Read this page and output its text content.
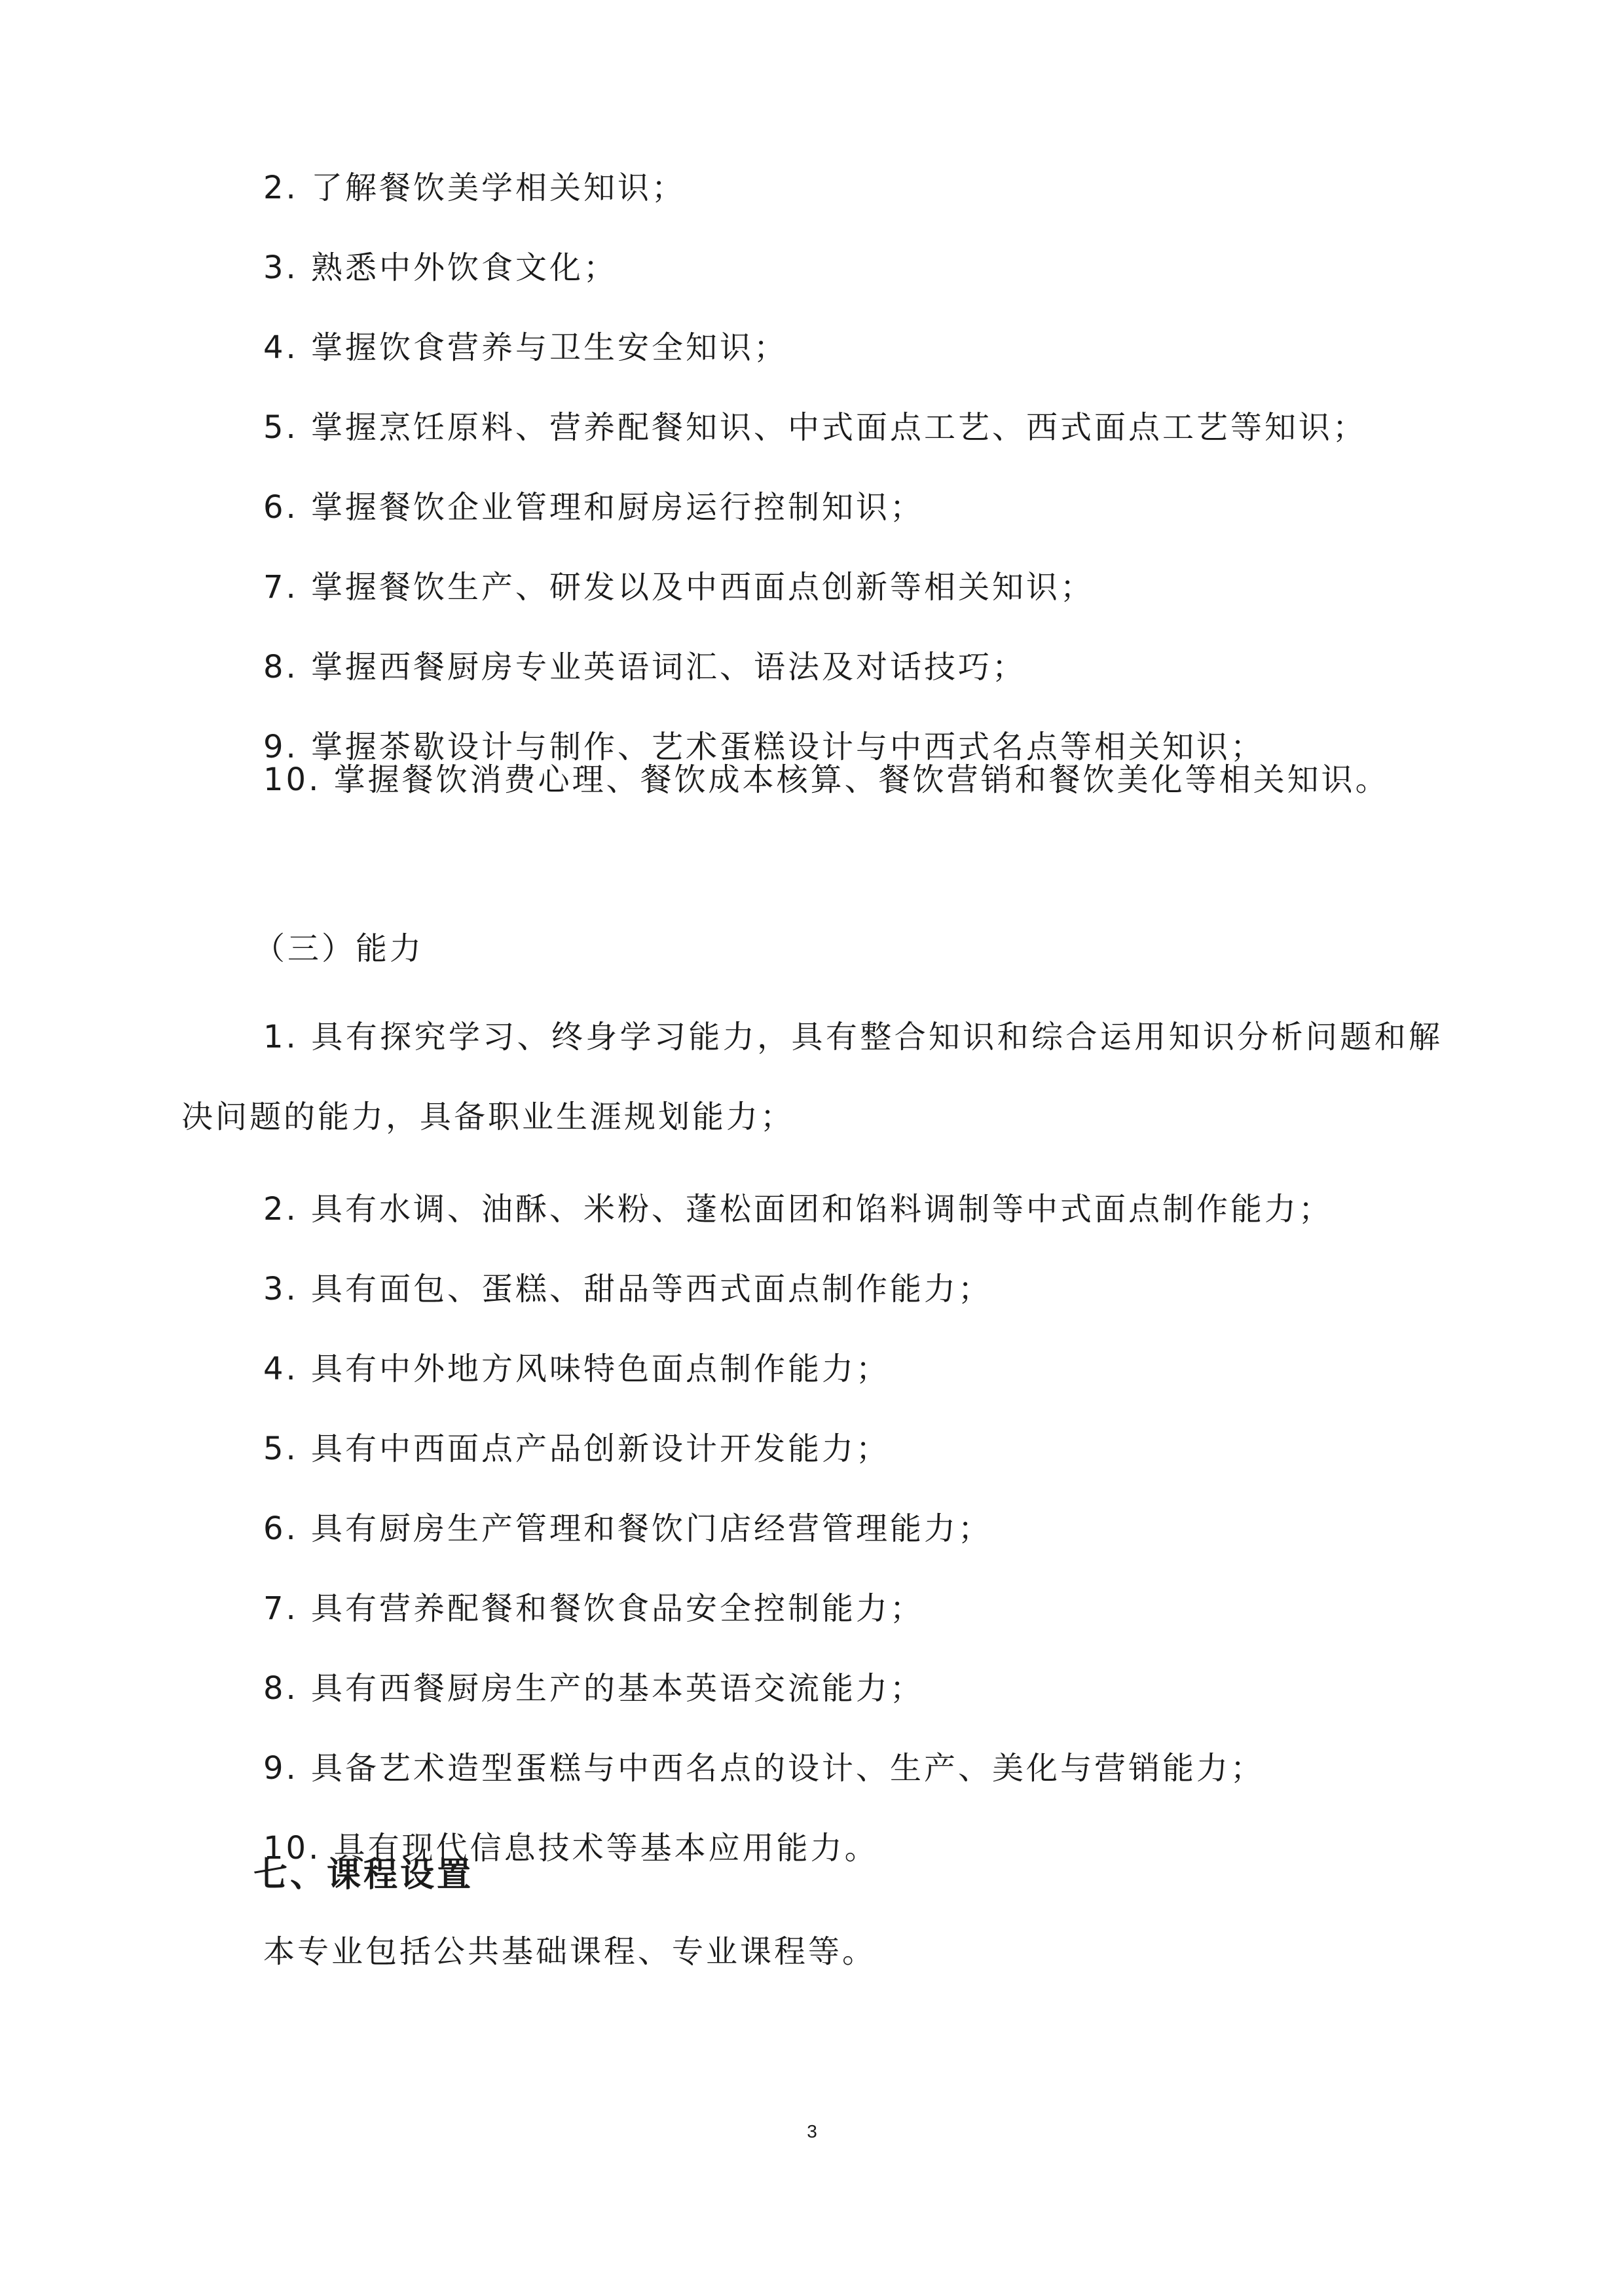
2. 了解餐饮美学相关知识；

3. 熟悉中外饮食文化；

4. 掌握饮食营养与卫生安全知识；

5. 掌握烹饪原料、营养配餐知识、中式面点工艺、西式面点工艺等知识；

6. 掌握餐饮企业管理和厨房运行控制知识；

7. 掌握餐饮生产、研发以及中西面点创新等相关知识；

8. 掌握西餐厨房专业英语词汇、语法及对话技巧；

9. 掌握茶歇设计与制作、艺术蛋糕设计与中西式名点等相关知识；

10. 掌握餐饮消费心理、餐饮成本核算、餐饮营销和餐饮美化等相关知识。

（三）能力

1. 具有探究学习、终身学习能力，具有整合知识和综合运用知识分析问题和解决问题的能力，具备职业生涯规划能力；

2. 具有水调、油酥、米粉、蓬松面团和馅料调制等中式面点制作能力；

3. 具有面包、蛋糕、甜品等西式面点制作能力；

4. 具有中外地方风味特色面点制作能力；

5. 具有中西面点产品创新设计开发能力；

6. 具有厨房生产管理和餐饮门店经营管理能力；

7. 具有营养配餐和餐饮食品安全控制能力；

8. 具有西餐厨房生产的基本英语交流能力；

9. 具备艺术造型蛋糕与中西名点的设计、生产、美化与营销能力；

10. 具有现代信息技术等基本应用能力。

七、课程设置

本专业包括公共基础课程、专业课程等。

3
